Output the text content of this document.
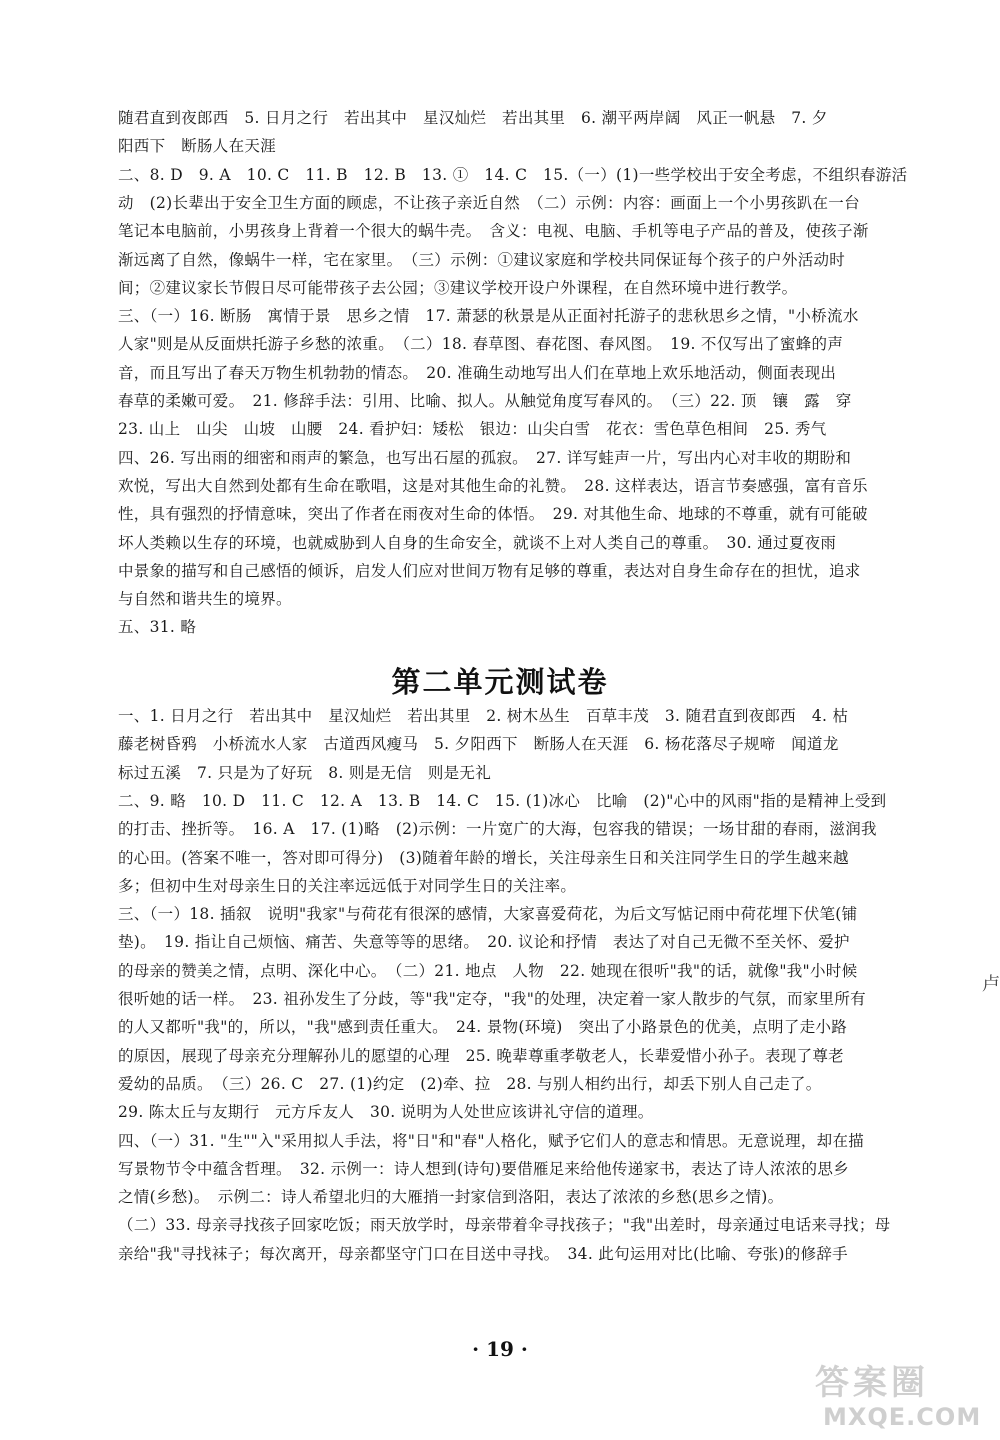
随君直到夜郎西　5. 日月之行　若出其中　星汉灿烂　若出其里　6. 潮平两岸阔　风正一帆悬　7. 夕
阳西下　断肠人在天涯
二、8. D　9. A　10. C　11. B　12. B　13. ①　14. C　15.（一）(1)一些学校出于安全考虑，不组织春游活
动　(2)长辈出于安全卫生方面的顾虑，不让孩子亲近自然　（二）示例：内容：画面上一个小男孩趴在一台
笔记本电脑前，小男孩身上背着一个很大的蜗牛壳。　含义：电视、电脑、手机等电子产品的普及，使孩子渐
渐远离了自然，像蜗牛一样，宅在家里。　（三）示例：①建议家庭和学校共同保证每个孩子的户外活动时
间；②建议家长节假日尽可能带孩子去公园；③建议学校开设户外课程，在自然环境中进行教学。
三、（一）16. 断肠　寓情于景　思乡之情　17. 萧瑟的秋景是从正面衬托游子的悲秋思乡之情，"小桥流水
人家"则是从反面烘托游子乡愁的浓重。　（二）18. 春草图、春花图、春风图。　19. 不仅写出了蜜蜂的声
音，而且写出了春天万物生机勃勃的情态。　20. 准确生动地写出人们在草地上欢乐地活动，侧面表现出
春草的柔嫩可爱。　21. 修辞手法：引用、比喻、拟人。从触觉角度写春风的。　（三）22. 顶　镶　露　穿
23. 山上　山尖　山坡　山腰　24. 看护妇：矮松　银边：山尖白雪　花衣：雪色草色相间　25. 秀气
四、26. 写出雨的细密和雨声的繁急，也写出石屋的孤寂。　27. 详写蛙声一片，写出内心对丰收的期盼和
欢悦，写出大自然到处都有生命在歌唱，这是对其他生命的礼赞。　28. 这样表达，语言节奏感强，富有音乐
性，具有强烈的抒情意味，突出了作者在雨夜对生命的体悟。　29. 对其他生命、地球的不尊重，就有可能破
坏人类赖以生存的环境，也就威胁到人自身的生命安全，就谈不上对人类自己的尊重。　30. 通过夏夜雨
中景象的描写和自己感悟的倾诉，启发人们应对世间万物有足够的尊重，表达对自身生命存在的担忧，追求
与自然和谐共生的境界。
五、31. 略
第二单元测试卷
一、1. 日月之行　若出其中　星汉灿烂　若出其里　2. 树木丛生　百草丰茂　3. 随君直到夜郎西　4. 枯
藤老树昏鸦　小桥流水人家　古道西风瘦马　5. 夕阳西下　断肠人在天涯　6. 杨花落尽子规啼　闻道龙
标过五溪　7. 只是为了好玩　8. 则是无信　则是无礼
二、9. 略　10. D　11. C　12. A　13. B　14. C　15. (1)冰心　比喻　(2)"心中的风雨"指的是精神上受到
的打击、挫折等。　16. A　17. (1)略　(2)示例：一片宽广的大海，包容我的错误；一场甘甜的春雨，滋润我
的心田。(答案不唯一，答对即可得分)　(3)随着年龄的增长，关注母亲生日和关注同学生日的学生越来越
多；但初中生对母亲生日的关注率远远低于对同学生日的关注率。
三、（一）18. 插叙　说明"我家"与荷花有很深的感情，大家喜爱荷花，为后文写惦记雨中荷花埋下伏笔(铺
垫)。　19. 指让自己烦恼、痛苦、失意等等的思绪。　20. 议论和抒情　表达了对自己无微不至关怀、爱护
的母亲的赞美之情，点明、深化中心。　（二）21. 地点　人物　22. 她现在很听"我"的话，就像"我"小时候
很听她的话一样。　23. 祖孙发生了分歧，等"我"定夺，"我"的处理，决定着一家人散步的气氛，而家里所有
的人又都听"我"的，所以，"我"感到责任重大。　24. 景物(环境)　突出了小路景色的优美，点明了走小路
的原因，展现了母亲充分理解孙儿的愿望的心理　25. 晚辈尊重孝敬老人，长辈爱惜小孙子。表现了尊老
爱幼的品质。　（三）26. C　27. (1)约定　(2)牵、拉　28. 与别人相约出行，却丢下别人自己走了。
29. 陈太丘与友期行　元方斥友人　30. 说明为人处世应该讲礼守信的道理。
四、（一）31. "生""入"采用拟人手法，将"日"和"春"人格化，赋予它们人的意志和情思。无意说理，却在描
写景物节令中蕴含哲理。　32. 示例一：诗人想到(诗句)要借雁足来给他传递家书，表达了诗人浓浓的思乡
之情(乡愁)。　示例二：诗人希望北归的大雁捎一封家信到洛阳，表达了浓浓的乡愁(思乡之情)。
（二）33. 母亲寻找孩子回家吃饭；雨天放学时，母亲带着伞寻找孩子；"我"出差时，母亲通过电话来寻找；母
亲给"我"寻找袜子；每次离开，母亲都坚守门口在目送中寻找。　34. 此句运用对比(比喻、夸张)的修辞手
卢
· 19 ·
答案圈
MXQE.COM
